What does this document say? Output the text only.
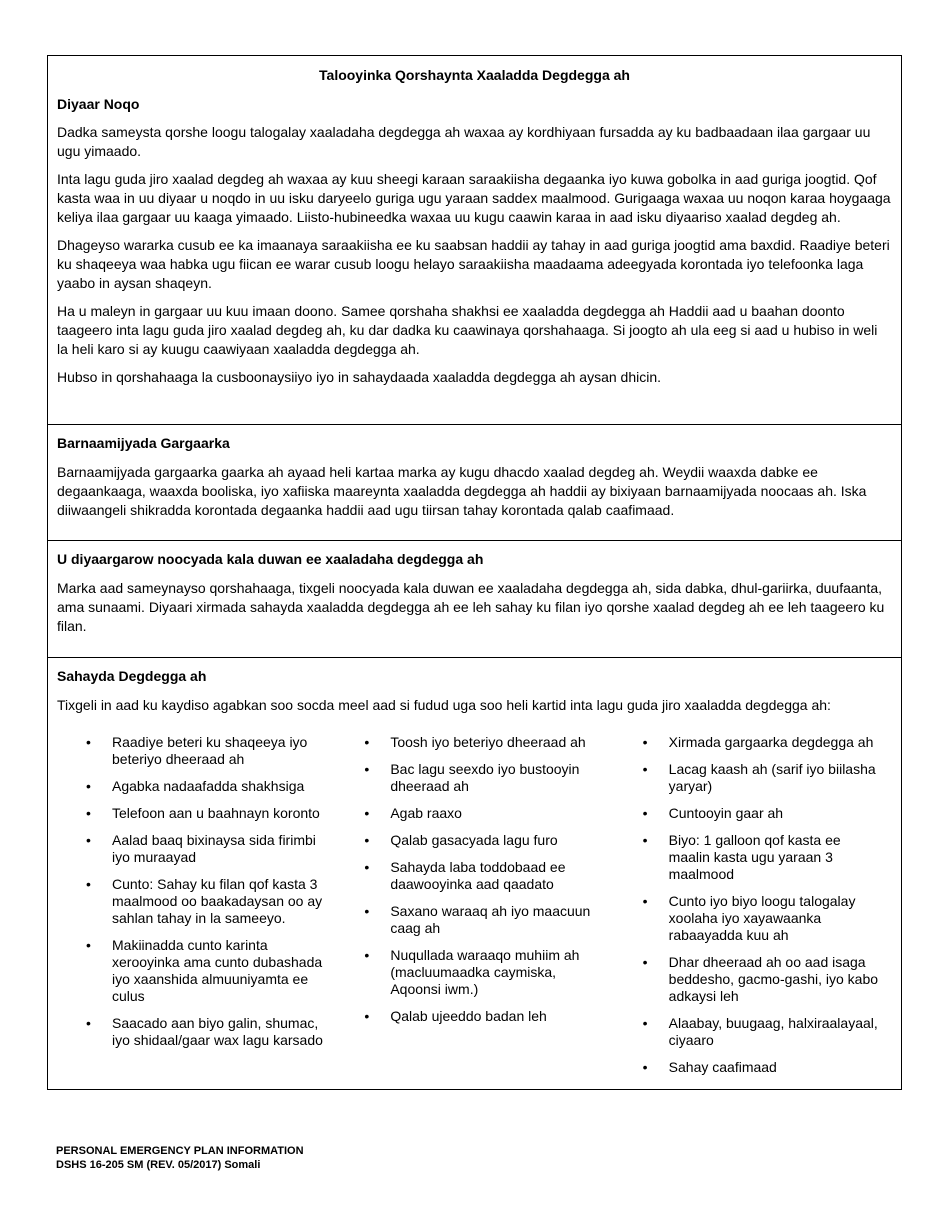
Talooyinka Qorshaynta Xaaladda Degdegga ah
Diyaar Noqo

Dadka sameysta qorshe loogu talogalay xaaladaha degdegga ah waxaa ay kordhiyaan fursadda ay ku badbaadaan ilaa gargaar uu ugu yimaado.

Inta lagu guda jiro xaalad degdeg ah waxaa ay kuu sheegi karaan saraakiisha degaanka iyo kuwa gobolka in aad guriga joogtid. Qof kasta waa in uu diyaar u noqdo in uu isku daryeelo guriga ugu yaraan saddex maalmood. Gurigaaga waxaa uu noqon karaa hoygaaga keliya ilaa gargaar uu kaaga yimaado. Liisto-hubineedka waxaa uu kugu caawin karaa in aad isku diyaariso xaalad degdeg ah.

Dhageyso wararka cusub ee ka imaanaya saraakiisha ee ku saabsan haddii ay tahay in aad guriga joogtid ama baxdid. Raadiye beteri ku shaqeeya waa habka ugu fiican ee warar cusub loogu helayo saraakiisha maadaama adeegyada korontada iyo telefoonka laga yaabo in aysan shaqeyn.

Ha u maleyn in gargaar uu kuu imaan doono. Samee qorshaha shakhsi ee xaaladda degdegga ah Haddii aad u baahan doonto taageero inta lagu guda jiro xaalad degdeg ah, ku dar dadka ku caawinaya qorshahaaga. Si joogto ah ula eeg si aad u hubiso in weli la heli karo si ay kuugu caawiyaan xaaladda degdegga ah.

Hubso in qorshahaaga la cusboonaysiiyo iyo in sahaydaada xaaladda degdegga ah aysan dhicin.

Barnaamijyada Gargaarka

Barnaamijyada gargaarka gaarka ah ayaad heli kartaa marka ay kugu dhacdo xaalad degdeg ah. Weydii waaxda dabke ee degaankaaga, waaxda booliska, iyo xafiiska maareynta xaaladda degdegga ah haddii ay bixiyaan barnaamijyada noocaas ah. Iska diiwaangeli shikradda korontada degaanka haddii aad ugu tiirsan tahay korontada qalab caafimaad.

U diyaargarow noocyada kala duwan ee xaaladaha degdegga ah

Marka aad sameynayso qorshahaaga, tixgeli noocyada kala duwan ee xaaladaha degdegga ah, sida dabka, dhul-gariirka, duufaanta, ama sunaami. Diyaari xirmada sahayda xaaladda degdegga ah ee leh sahay ku filan iyo qorshe xaalad degdeg ah ee leh taageero ku filan.

Sahayda Degdegga ah

Tixgeli in aad ku kaydiso agabkan soo socda meel aad si fudud uga soo heli kartid inta lagu guda jiro xaaladda degdegga ah:

• Raadiye beteri ku shaqeeya iyo beteriyo dheeraad ah
• Agabka nadaafadda shakhsiga
• Telefoon aan u baahnayn koronto
• Aalad baaq bixinaysa sida firimbi iyo muraayad
• Cunto: Sahay ku filan qof kasta 3 maalmood oo baakadaysan oo ay sahlan tahay in la sameeyo.
• Makiinadda cunto karinta xerooyinka ama cunto dubashada iyo xaanshida almuuniyamta ee culus
• Saacado aan biyo galin, shumac, iyo shidaal/gaar wax lagu karsado
• Toosh iyo beteriyo dheeraad ah
• Bac lagu seexdo iyo bustooyin dheeraad ah
• Agab raaxo
• Qalab gasacyada lagu furo
• Sahayda laba toddobaad ee daawooyinka aad qaadato
• Saxano waraaq ah iyo maacuun caag ah
• Nuqullada waraaqo muhiim ah (macluumaadka caymiska, Aqoonsi iwm.)
• Qalab ujeeddo badan leh
• Xirmada gargaarka degdegga ah
• Lacag kaash ah (sarif iyo biilasha yaryar)
• Cuntooyin gaar ah
• Biyo: 1 galloon qof kasta ee maalin kasta ugu yaraan 3 maalmood
• Cunto iyo biyo loogu talogalay xoolaha iyo xayawaanka rabaayadda kuu ah
• Dhar dheeraad ah oo aad isaga beddesho, gacmo-gashi, iyo kabo adkaysi leh
• Alaabay, buugaag, halxiraalayaal, ciyaaro
• Sahay caafimaad
PERSONAL EMERGENCY PLAN INFORMATION
DSHS 16-205 SM (REV. 05/2017) Somali
